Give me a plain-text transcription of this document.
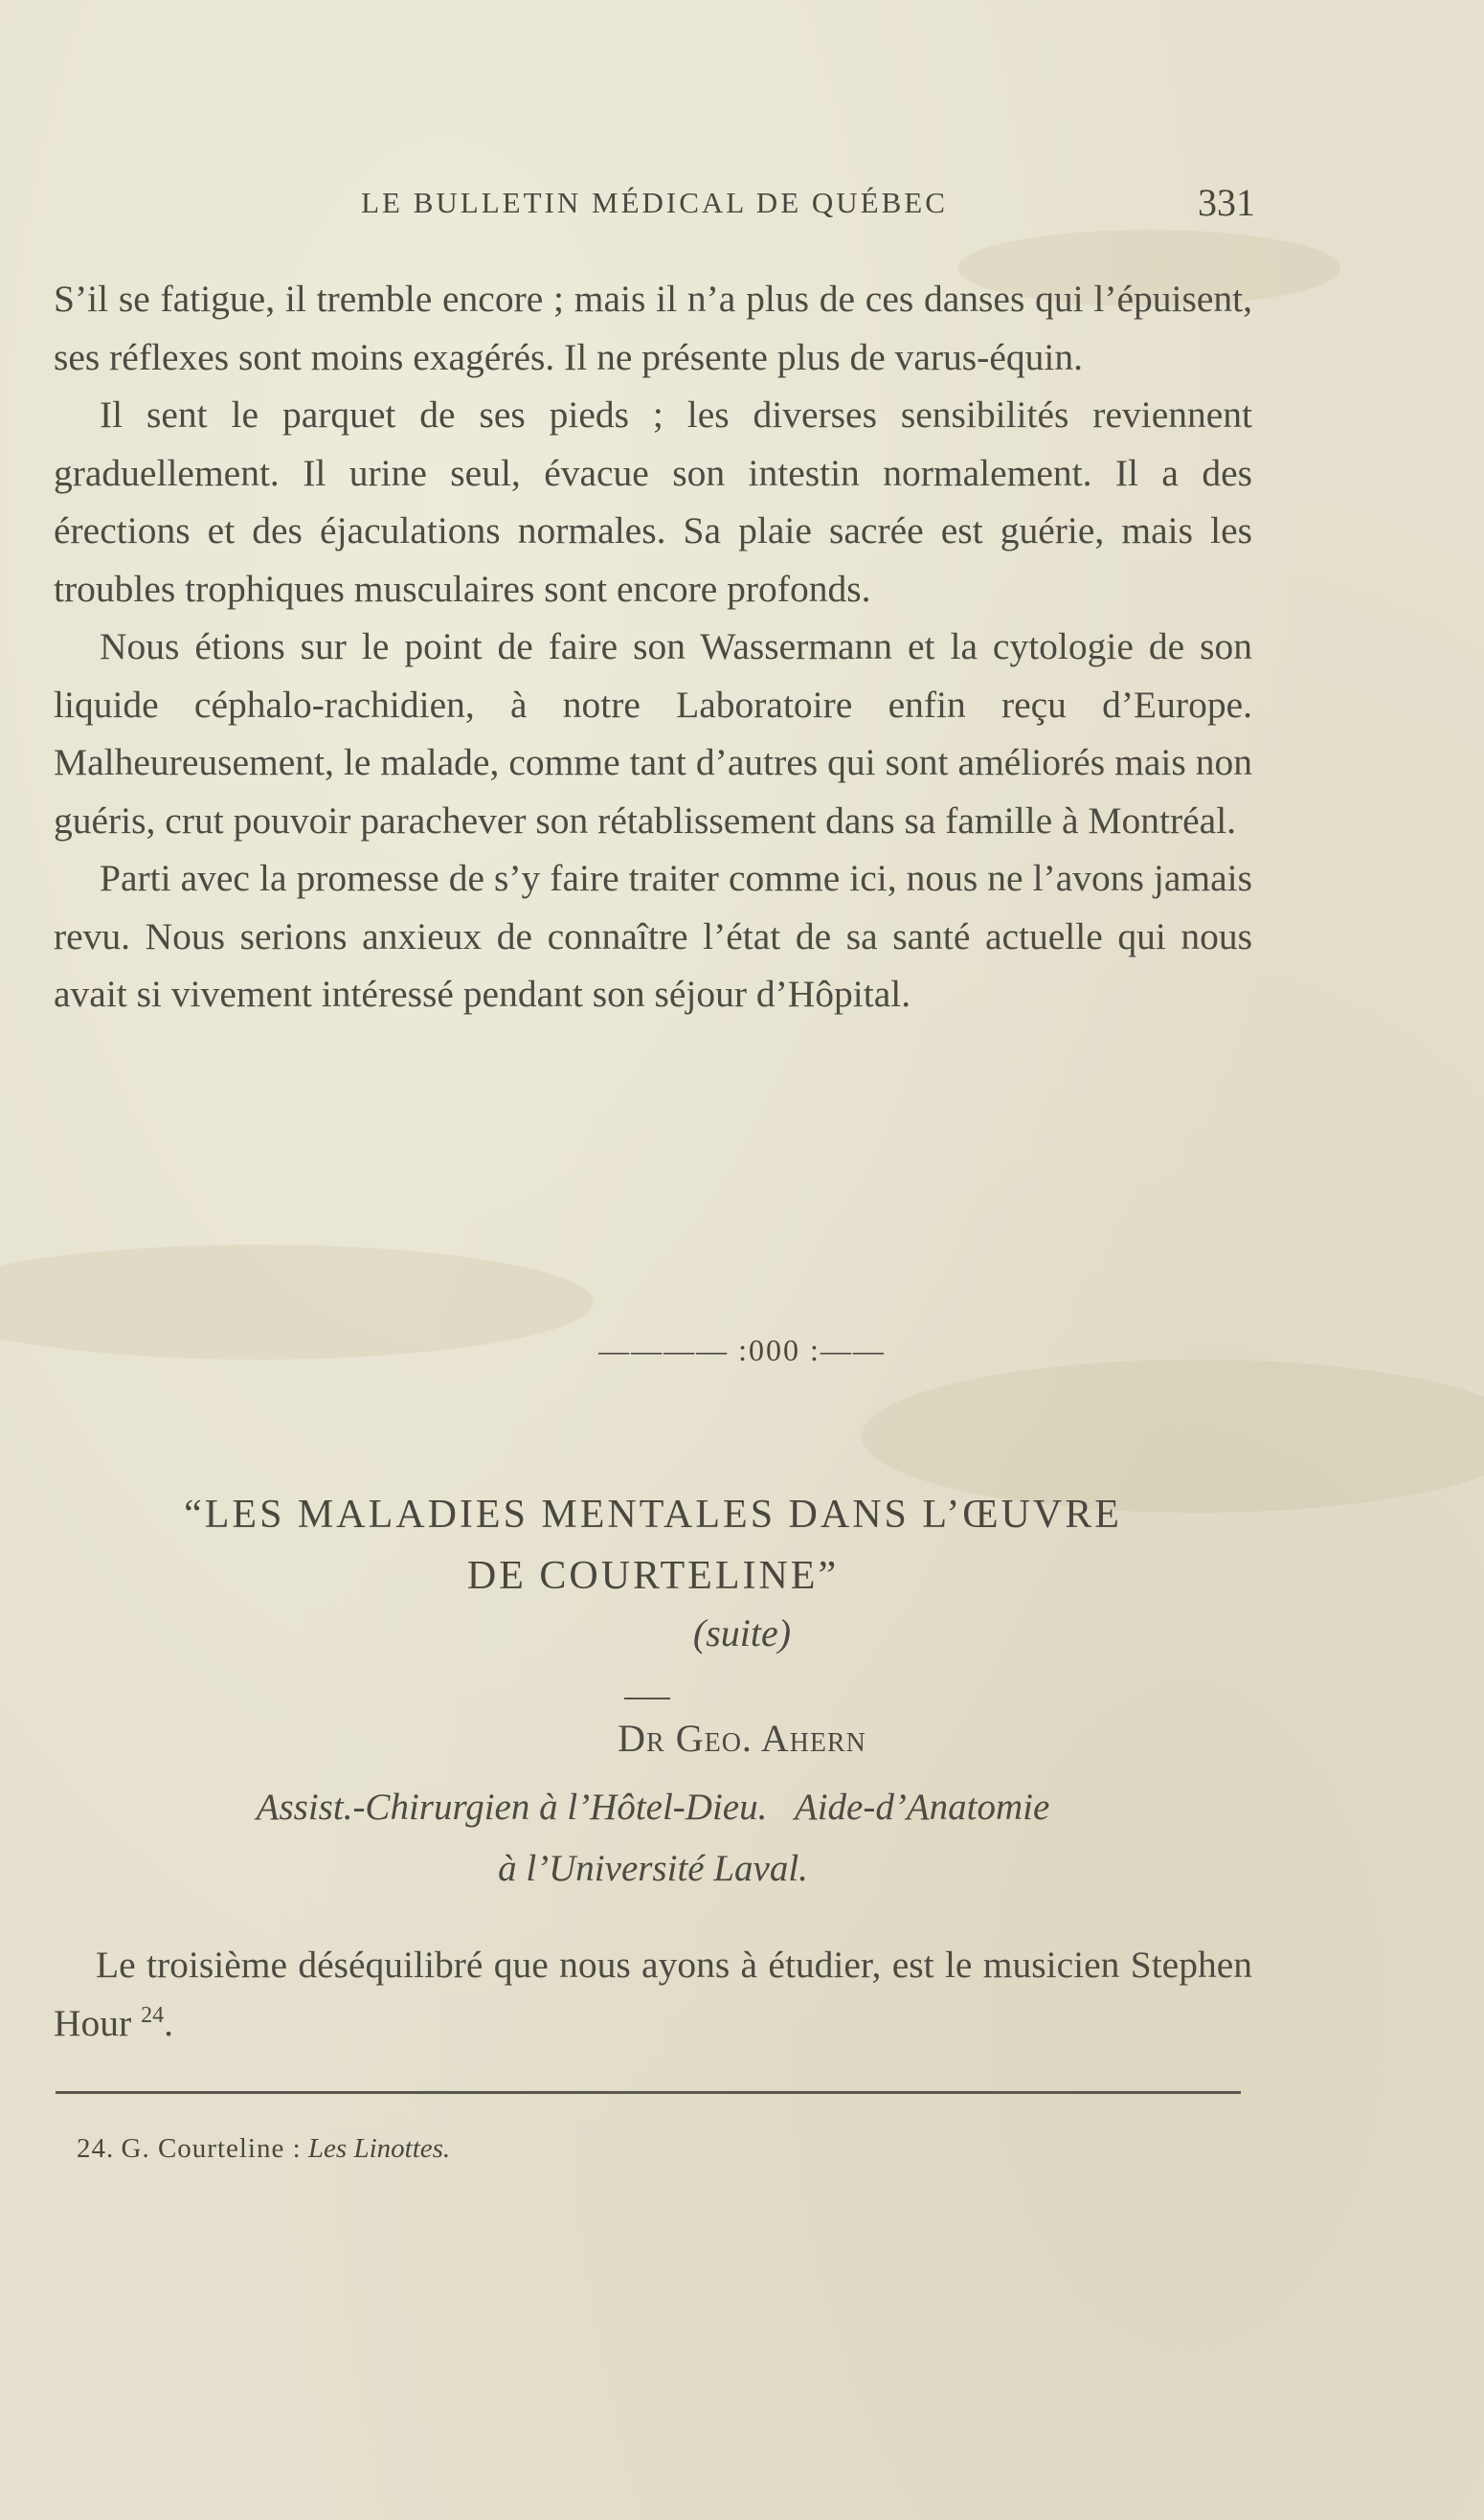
LE BULLETIN MÉDICAL DE QUÉBEC	331

S’il se fatigue, il tremble encore ; mais il n’a plus de ces danses qui l’épuisent, ses réflexes sont moins exagérés. Il ne présente plus de varus-équin.

Il sent le parquet de ses pieds ; les diverses sensibilités reviennent graduellement. Il urine seul, évacue son intestin normalement. Il a des érections et des éjaculations normales. Sa plaie sacrée est guérie, mais les troubles trophiques musculaires sont encore profonds.

Nous étions sur le point de faire son Wassermann et la cytologie de son liquide céphalo-rachidien, à notre Laboratoire enfin reçu d’Europe. Malheureusement, le malade, comme tant d’autres qui sont améliorés mais non guéris, crut pouvoir parachever son rétablissement dans sa famille à Montréal.

Parti avec la promesse de s’y faire traiter comme ici, nous ne l’avons jamais revu. Nous serions anxieux de connaître l’état de sa santé actuelle qui nous avait si vivement intéressé pendant son séjour d’Hôpital.

———— :000 :——
“LES MALADIES MENTALES DANS L’ŒUVRE
DE COURTELINE”
(suite)
Dr Geo. Ahern
Assist.-Chirurgien à l’Hôtel-Dieu.   Aide-d’Anatomie
à l’Université Laval.

Le troisième déséquilibré que nous ayons à étudier, est le musicien Stephen Hour $^{24}$.

24. G. Courteline : Les Linottes.
